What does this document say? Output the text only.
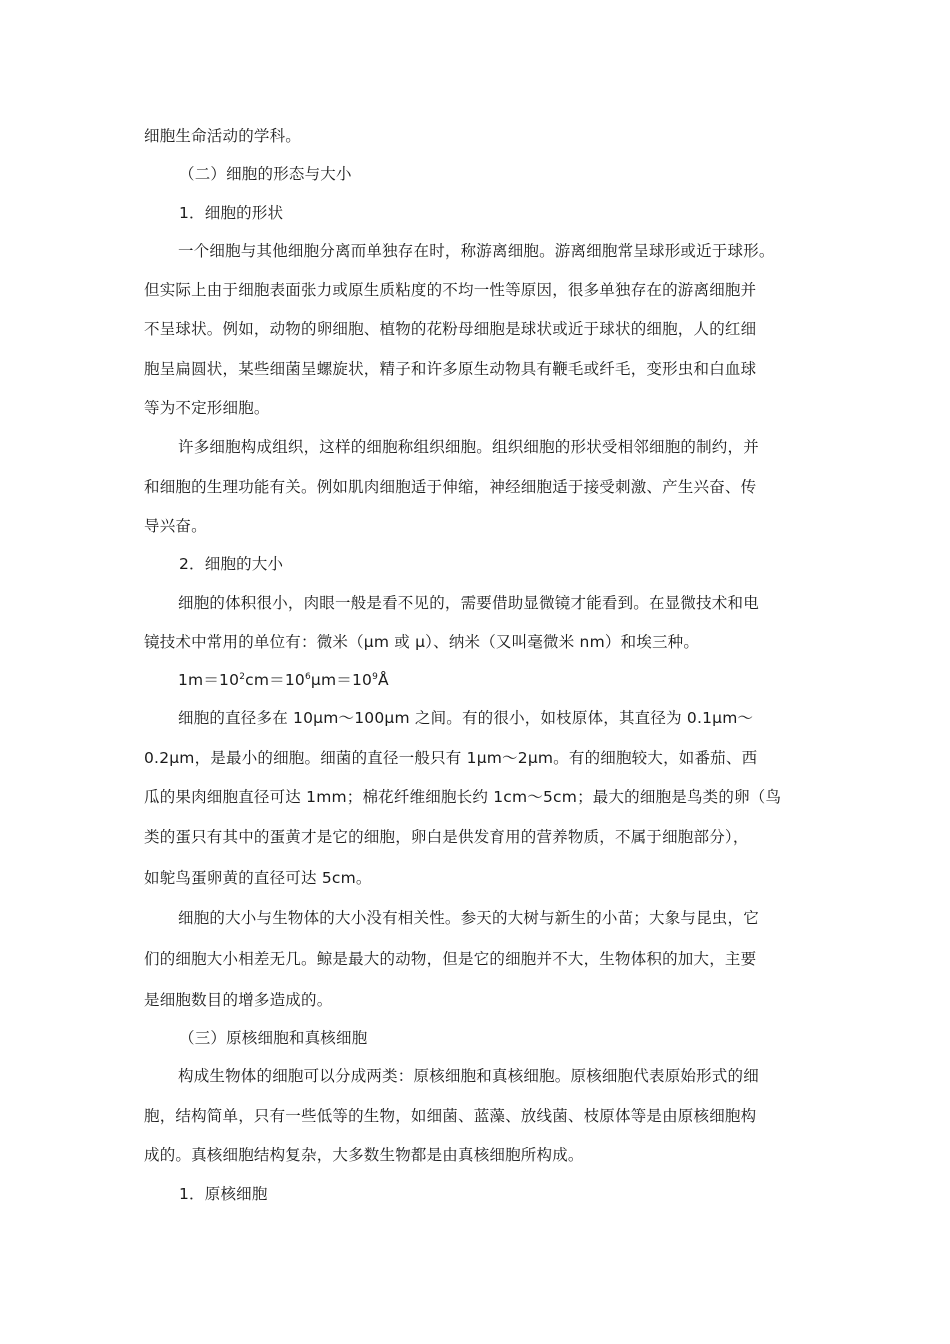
细胞生命活动的学科。
（二）细胞的形态与大小
1．细胞的形状
一个细胞与其他细胞分离而单独存在时，称游离细胞。游离细胞常呈球形或近于球形。
但实际上由于细胞表面张力或原生质粘度的不均一性等原因，很多单独存在的游离细胞并
不呈球状。例如，动物的卵细胞、植物的花粉母细胞是球状或近于球状的细胞，人的红细
胞呈扁圆状，某些细菌呈螺旋状，精子和许多原生动物具有鞭毛或纤毛，变形虫和白血球
等为不定形细胞。
许多细胞构成组织，这样的细胞称组织细胞。组织细胞的形状受相邻细胞的制约，并
和细胞的生理功能有关。例如肌肉细胞适于伸缩，神经细胞适于接受刺激、产生兴奋、传
导兴奋。
2．细胞的大小
细胞的体积很小，肉眼一般是看不见的，需要借助显微镜才能看到。在显微技术和电
镜技术中常用的单位有：微米（μm 或 μ）、纳米（又叫毫微米 nm）和埃三种。
$1m=10^2cm=10^6\mu m=10^9Å$
细胞的直径多在 10μm～100μm 之间。有的很小，如枝原体，其直径为 0.1μm～
0.2μm，是最小的细胞。细菌的直径一般只有 1μm～2μm。有的细胞较大，如番茄、西
瓜的果肉细胞直径可达 1mm；棉花纤维细胞长约 1cm～5cm；最大的细胞是鸟类的卵（鸟
类的蛋只有其中的蛋黄才是它的细胞，卵白是供发育用的营养物质，不属于细胞部分），
如鸵鸟蛋卵黄的直径可达 5cm。
细胞的大小与生物体的大小没有相关性。参天的大树与新生的小苗；大象与昆虫，它
们的细胞大小相差无几。鲸是最大的动物，但是它的细胞并不大，生物体积的加大，主要
是细胞数目的增多造成的。
（三）原核细胞和真核细胞
构成生物体的细胞可以分成两类：原核细胞和真核细胞。原核细胞代表原始形式的细
胞，结构简单，只有一些低等的生物，如细菌、蓝藻、放线菌、枝原体等是由原核细胞构
成的。真核细胞结构复杂，大多数生物都是由真核细胞所构成。
1．原核细胞
